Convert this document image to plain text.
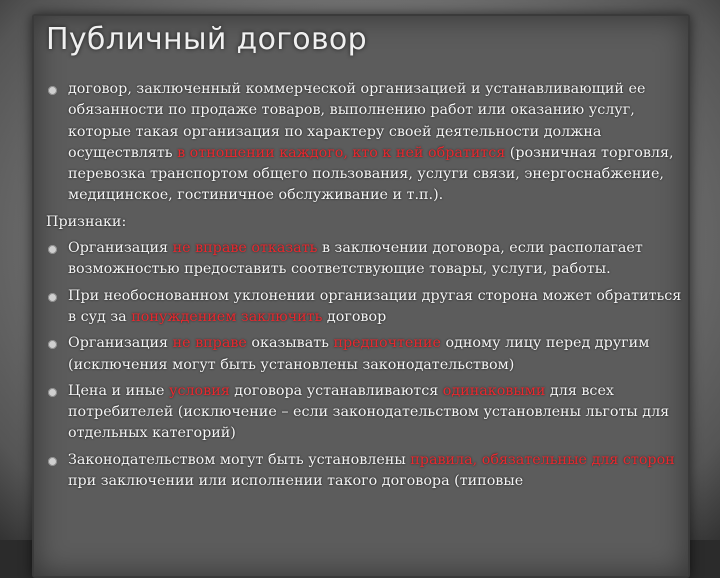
Публичный договор
договор, заключенный коммерческой организацией и устанавливающий ее обязанности по продаже товаров, выполнению работ или оказанию услуг, которые такая организация по характеру своей деятельности должна осуществлять в отношении каждого, кто к ней обратится (розничная торговля, перевозка транспортом общего пользования, услуги связи, энергоснабжение, медицинское, гостиничное обслуживание и т.п.).

Признаки:

Организация не вправе отказать в заключении договора, если располагает возможностью предоставить соответствующие товары, услуги, работы.
При необоснованном уклонении организации другая сторона может обратиться в суд за понуждением заключить договор
Организация не вправе оказывать предпочтение одному лицу перед другим (исключения могут быть установлены законодательством)
Цена и иные условия договора устанавливаются одинаковыми для всех потребителей (исключение – если законодательством установлены льготы для отдельных категорий)
Законодательством могут быть установлены правила, обязательные для сторон при заключении или исполнении такого договора (типовые
